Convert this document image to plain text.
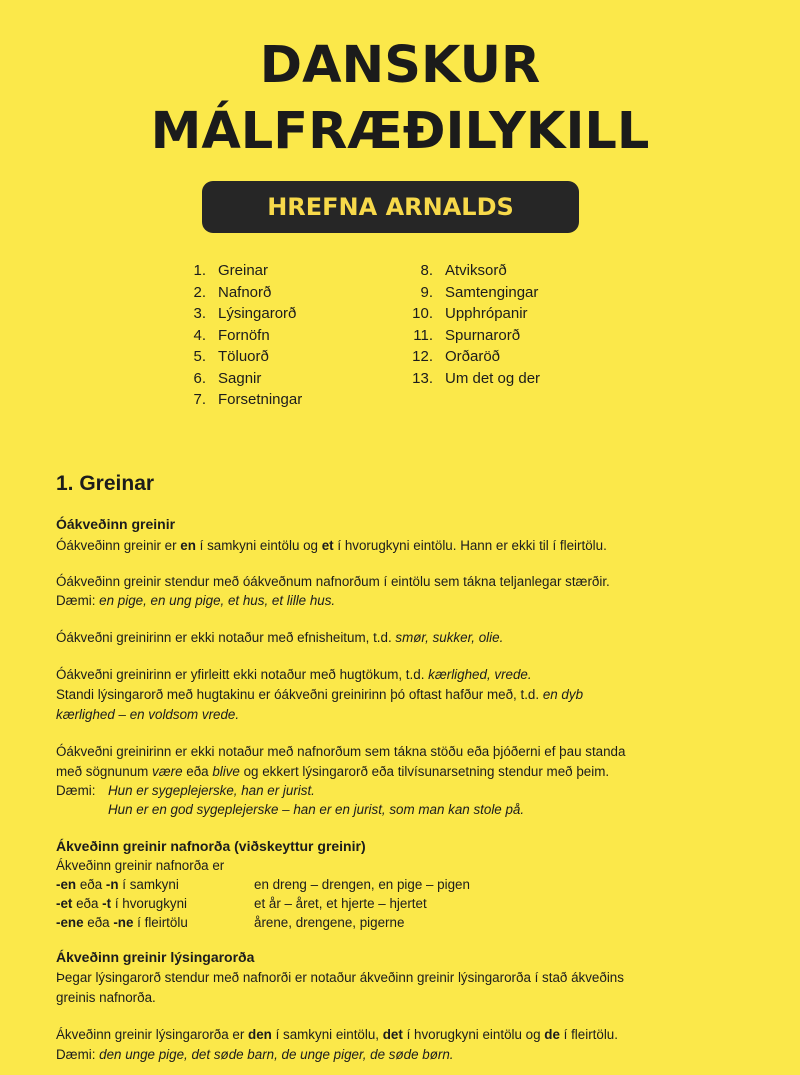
DANSKUR
MÁLFRÆÐILYKILL
HREFNA ARNALDS
1. Greinar
2. Nafnorð
3. Lýsingarorð
4. Fornöfn
5. Töluorð
6. Sagnir
7. Forsetningar
8. Atviksorð
9. Samtengingar
10. Upphrópanir
11. Spurnarorð
12. Orðaröð
13. Um det og der
1. Greinar
Óákveðinn greinir
Óákveðinn greinir er en í samkyni eintölu og et í hvorugkyni eintölu. Hann er ekki til í fleirtölu.
Óákveðinn greinir stendur með óákveðnum nafnorðum í eintölu sem tákna teljanlegar stærðir.
Dæmi: en pige, en ung pige, et hus, et lille hus.
Óákveðni greinirinn er ekki notaður með efnisheitum, t.d. smør, sukker, olie.
Óákveðni greinirinn er yfirleitt ekki notaður með hugtökum, t.d. kærlighed, vrede.
Standi lýsingarorð með hugtakinu er óákveðni greinirinn þó oftast hafður með, t.d. en dyb
kærlighed – en voldsom vrede.
Óákveðni greinirinn er ekki notaður með nafnorðum sem tákna stöðu eða þjóðerni ef þau standa
með sögnunum være eða blive og ekkert lýsingarorð eða tilvísunarsetning stendur með þeim.
Dæmi: Hun er sygeplejerske, han er jurist.
Hun er en god sygeplejerske – han er en jurist, som man kan stole på.
Ákveðinn greinir nafnorða (viðskeyttur greinir)
Ákveðinn greinir nafnorða er
-en eða -n í samkyni	en dreng – drengen, en pige – pigen
-et eða -t í hvorugkyni	et år – året, et hjerte – hjertet
-ene eða -ne í fleirtölu	årene, drengene, pigerne
Ákveðinn greinir lýsingarorða
Þegar lýsingarorð stendur með nafnorði er notaður ákveðinn greinir lýsingarorða í stað ákveðins
greinis nafnorða.
Ákveðinn greinir lýsingarorða er den í samkyni eintölu, det í hvorugkyni eintölu og de í fleirtölu.
Dæmi: den unge pige, det søde barn, de unge piger, de søde børn.
